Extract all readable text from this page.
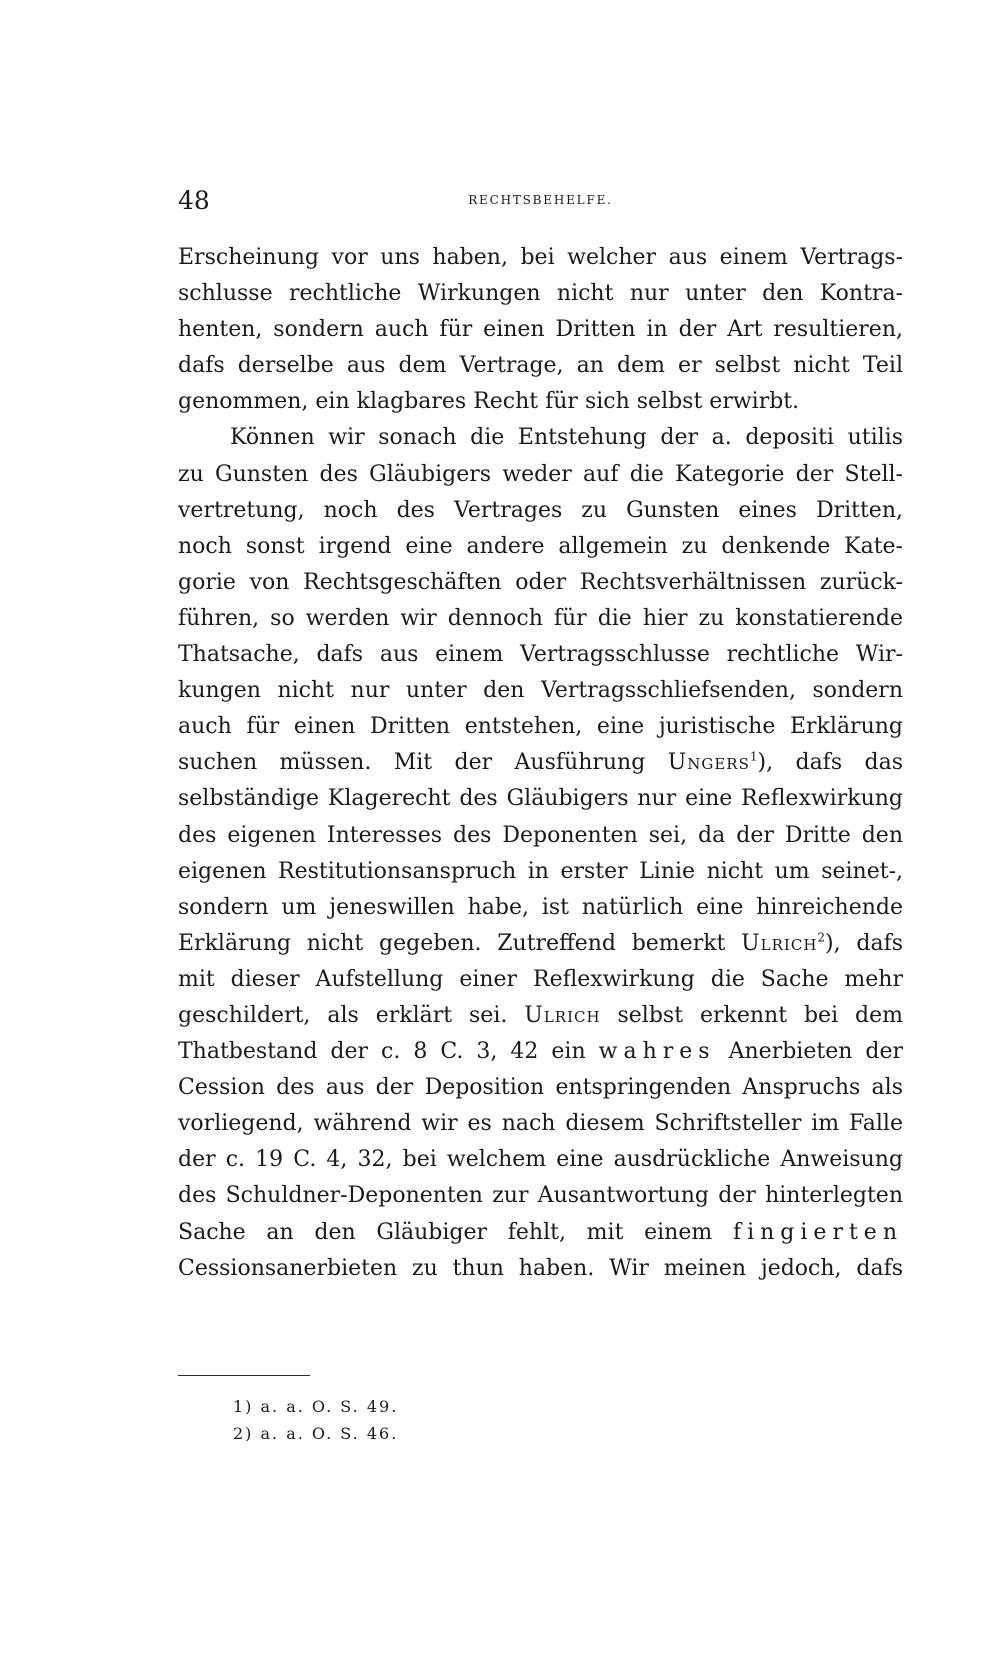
48	RECHTSBEHELFE.
Erscheinung vor uns haben, bei welcher aus einem Vertrags-
schlusse rechtliche Wirkungen nicht nur unter den Kontra-
henten, sondern auch für einen Dritten in der Art resultieren,
dafs derselbe aus dem Vertrage, an dem er selbst nicht Teil
genommen, ein klagbares Recht für sich selbst erwirbt.
Können wir sonach die Entstehung der a. depositi utilis
zu Gunsten des Gläubigers weder auf die Kategorie der Stell-
vertretung, noch des Vertrages zu Gunsten eines Dritten,
noch sonst irgend eine andere allgemein zu denkende Kate-
gorie von Rechtsgeschäften oder Rechtsverhältnissen zurück-
führen, so werden wir dennoch für die hier zu konstatierende
Thatsache, dafs aus einem Vertragsschlusse rechtliche Wir-
kungen nicht nur unter den Vertragsschliefsenden, sondern
auch für einen Dritten entstehen, eine juristische Erklärung
suchen müssen. Mit der Ausführung Ungers$^1$), dafs das
selbständige Klagerecht des Gläubigers nur eine Reflexwirkung
des eigenen Interesses des Deponenten sei, da der Dritte den
eigenen Restitutionsanspruch in erster Linie nicht um seinet-,
sondern um jeneswillen habe, ist natürlich eine hinreichende
Erklärung nicht gegeben. Zutreffend bemerkt Ulrich$^2$), dafs
mit dieser Aufstellung einer Reflexwirkung die Sache mehr
geschildert, als erklärt sei. Ulrich selbst erkennt bei dem
Thatbestand der c. 8 C. 3, 42 ein wahres Anerbieten der
Cession des aus der Deposition entspringenden Anspruchs als
vorliegend, während wir es nach diesem Schriftsteller im Falle
der c. 19 C. 4, 32, bei welchem eine ausdrückliche Anweisung
des Schuldner-Deponenten zur Ausantwortung der hinterlegten
Sache an den Gläubiger fehlt, mit einem fingierten
Cessionsanerbieten zu thun haben. Wir meinen jedoch, dafs
1) a. a. O. S. 49.
2) a. a. O. S. 46.
